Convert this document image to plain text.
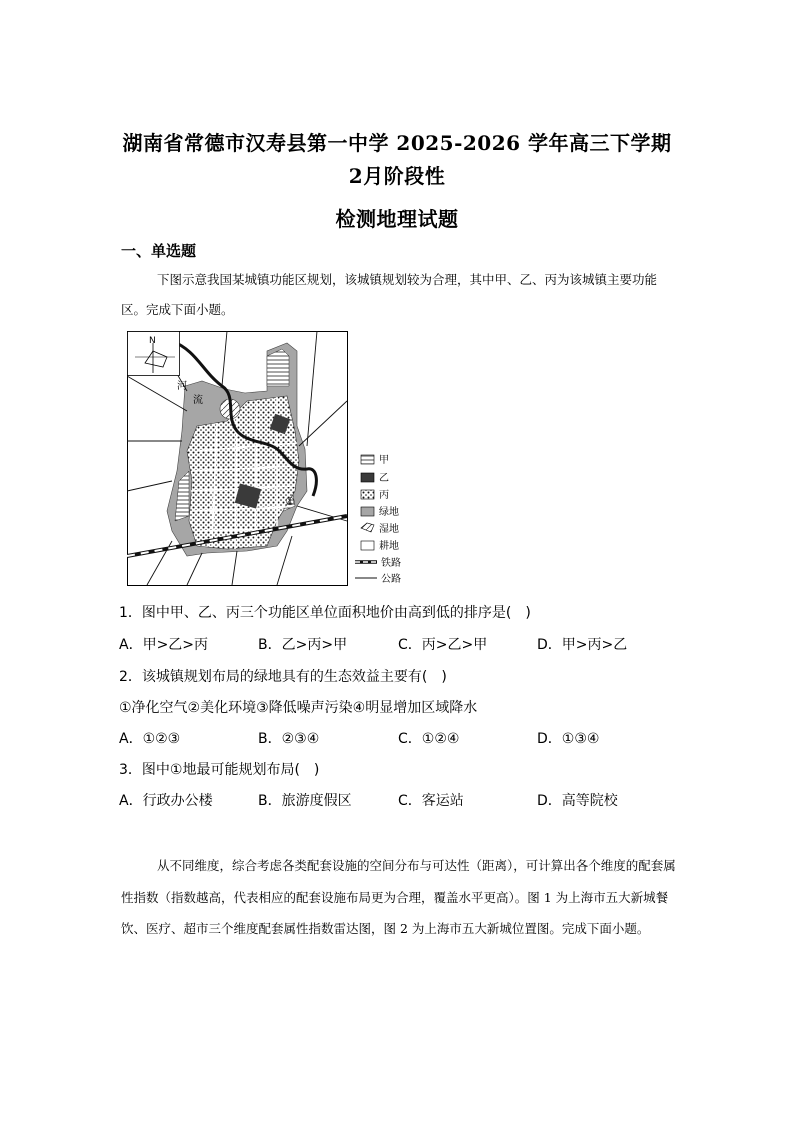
湖南省常德市汉寿县第一中学 2025-2026 学年高三下学期
2月阶段性
检测地理试题
一、单选题
下图示意我国某城镇功能区规划，该城镇规划较为合理，其中甲、乙、丙为该城镇主要功能区。完成下面小题。
N
河
流
①
甲
乙
丙
绿地
湿地
耕地
铁路
公路
1．图中甲、乙、丙三个功能区单位面积地价由高到低的排序是(　)
A．甲>乙>丙	B．乙>丙>甲	C．丙>乙>甲	D．甲>丙>乙
2．该城镇规划布局的绿地具有的生态效益主要有(　)
①净化空气②美化环境③降低噪声污染④明显增加区域降水
A．①②③	B．②③④	C．①②④	D．①③④
3．图中①地最可能规划布局(　)
A．行政办公楼	B．旅游度假区	C．客运站	D．高等院校
从不同维度，综合考虑各类配套设施的空间分布与可达性（距离），可计算出各个维度的配套属性指数（指数越高，代表相应的配套设施布局更为合理，覆盖水平更高）。图 1 为上海市五大新城餐饮、医疗、超市三个维度配套属性指数雷达图，图 2 为上海市五大新城位置图。完成下面小题。
